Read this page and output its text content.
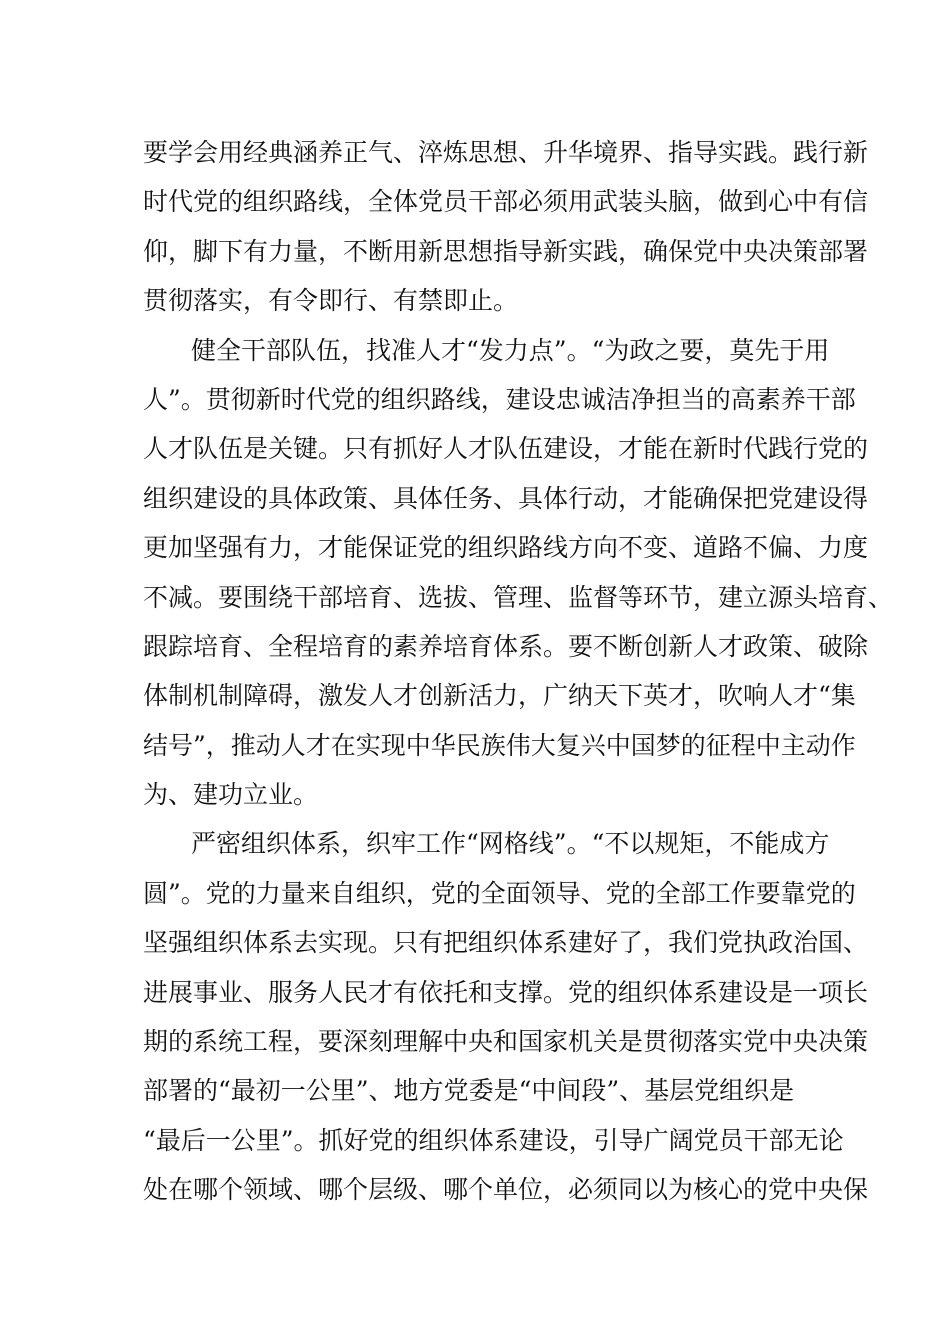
要学会用经典涵养正气、淬炼思想、升华境界、指导实践。践行新
时代党的组织路线，全体党员干部必须用武装头脑，做到心中有信
仰，脚下有力量，不断用新思想指导新实践，确保党中央决策部署
贯彻落实，有令即行、有禁即止。
健全干部队伍，找准人才“发力点”。“为政之要，莫先于用
人”。贯彻新时代党的组织路线，建设忠诚洁净担当的高素养干部
人才队伍是关键。只有抓好人才队伍建设，才能在新时代践行党的
组织建设的具体政策、具体任务、具体行动，才能确保把党建设得
更加坚强有力，才能保证党的组织路线方向不变、道路不偏、力度
不减。要围绕干部培育、选拔、管理、监督等环节，建立源头培育、
跟踪培育、全程培育的素养培育体系。要不断创新人才政策、破除
体制机制障碍，激发人才创新活力，广纳天下英才，吹响人才“集
结号”，推动人才在实现中华民族伟大复兴中国梦的征程中主动作
为、建功立业。
严密组织体系，织牢工作“网格线”。“不以规矩，不能成方
圆”。党的力量来自组织，党的全面领导、党的全部工作要靠党的
坚强组织体系去实现。只有把组织体系建好了，我们党执政治国、
进展事业、服务人民才有依托和支撑。党的组织体系建设是一项长
期的系统工程，要深刻理解中央和国家机关是贯彻落实党中央决策
部署的“最初一公里”、地方党委是“中间段”、基层党组织是
“最后一公里”。抓好党的组织体系建设，引导广阔党员干部无论
处在哪个领域、哪个层级、哪个单位，必须同以为核心的党中央保
